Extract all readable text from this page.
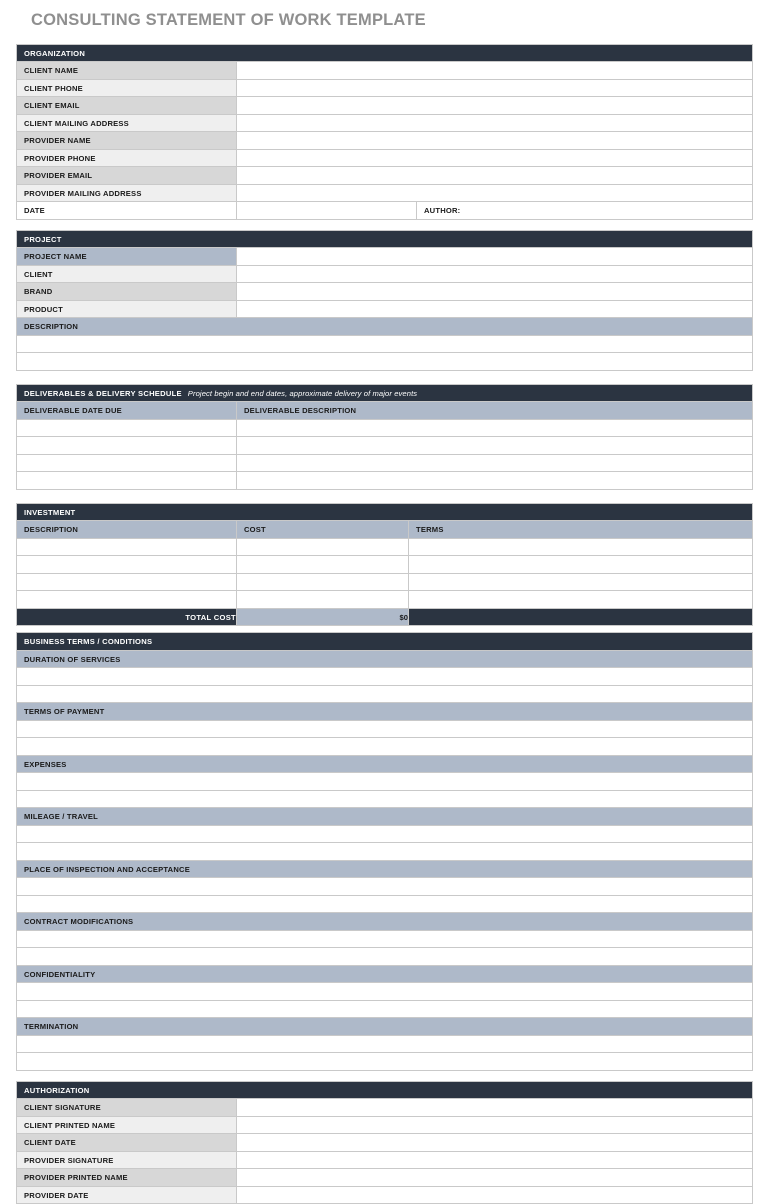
CONSULTING STATEMENT OF WORK TEMPLATE
ORGANIZATION		
CLIENT NAME		
CLIENT PHONE		
CLIENT EMAIL		
CLIENT MAILING ADDRESS		
PROVIDER NAME		
PROVIDER PHONE		
PROVIDER EMAIL		
PROVIDER MAILING ADDRESS		
DATE		AUTHOR:
PROJECT	
PROJECT NAME	
CLIENT	
BRAND	
PRODUCT	
DESCRIPTION	

DELIVERABLES & DELIVERY SCHEDULE Project begin and end dates, approximate delivery of major events	
DELIVERABLE DATE DUE	DELIVERABLE DESCRIPTION

INVESTMENT		
DESCRIPTION	COST	TERMS

TOTAL COST	$0	
BUSINESS TERMS / CONDITIONS
DURATION OF SERVICES

TERMS OF PAYMENT

EXPENSES

MILEAGE / TRAVEL

PLACE OF INSPECTION AND ACCEPTANCE

CONTRACT MODIFICATIONS

CONFIDENTIALITY

TERMINATION

AUTHORIZATION	
CLIENT SIGNATURE	
CLIENT PRINTED NAME	
CLIENT DATE	
PROVIDER SIGNATURE	
PROVIDER PRINTED NAME	
PROVIDER DATE	
